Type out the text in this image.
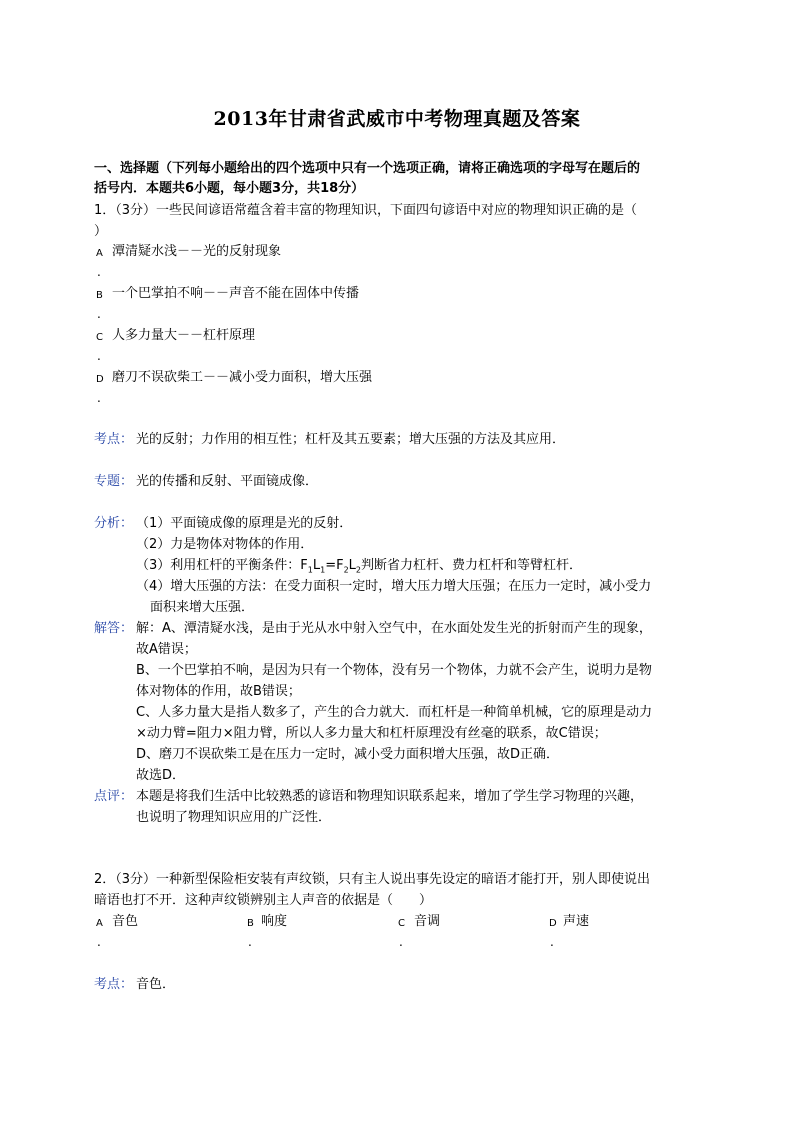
2013年甘肃省武威市中考物理真题及答案
一、选择题（下列每小题给出的四个选项中只有一个选项正确，请将正确选项的字母写在题后的
括号内．本题共6小题，每小题3分，共18分）
1．（3分）一些民间谚语常蕴含着丰富的物理知识，下面四句谚语中对应的物理知识正确的是（
）
A 潭清疑水浅－－光的反射现象
.
B 一个巴掌拍不响－－声音不能在固体中传播
.
C 人多力量大－－杠杆原理
.
D 磨刀不误砍柴工－－减小受力面积，增大压强
.
考点： 光的反射；力作用的相互性；杠杆及其五要素；增大压强的方法及其应用．
专题： 光的传播和反射、平面镜成像．
分析： （1）平面镜成像的原理是光的反射．
（2）力是物体对物体的作用．
（3）利用杠杆的平衡条件：$F_1L_1=F_2L_2$判断省力杠杆、费力杠杆和等臂杠杆．
（4）增大压强的方法：在受力面积一定时，增大压力增大压强；在压力一定时，减小受力
面积来增大压强．
解答： 解：A、潭清疑水浅，是由于光从水中射入空气中，在水面处发生光的折射而产生的现象，
故A错误；
B、一个巴掌拍不响，是因为只有一个物体，没有另一个物体，力就不会产生，说明力是物
体对物体的作用，故B错误；
C、人多力量大是指人数多了，产生的合力就大．而杠杆是一种简单机械，它的原理是动力
×动力臂=阻力×阻力臂，所以人多力量大和杠杆原理没有丝毫的联系，故C错误；
D、磨刀不误砍柴工是在压力一定时，减小受力面积增大压强，故D正确．
故选D．
点评： 本题是将我们生活中比较熟悉的谚语和物理知识联系起来，增加了学生学习物理的兴趣，
也说明了物理知识应用的广泛性．
2．（3分）一种新型保险柜安装有声纹锁，只有主人说出事先设定的暗语才能打开，别人即使说出
暗语也打不开．这种声纹锁辨别主人声音的依据是（　　）
A 音色
.
B 响度
.
C 音调
.
D 声速
.
考点： 音色．
